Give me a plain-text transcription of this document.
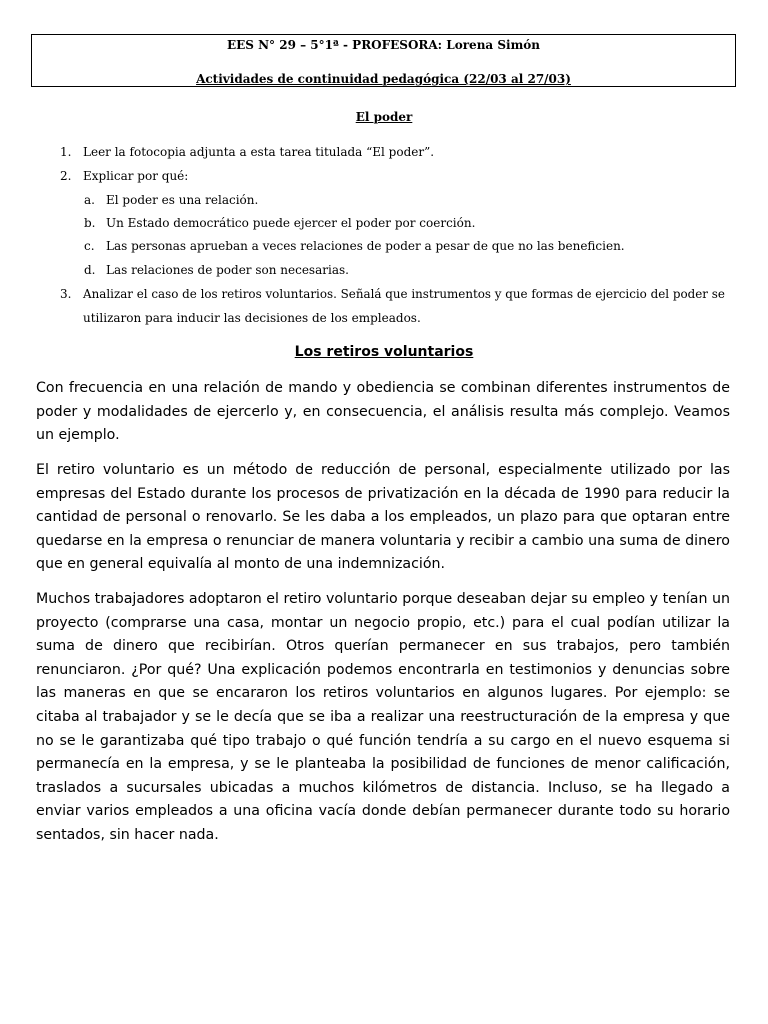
EES N° 29 – 5°1ª - PROFESORA: Lorena Simón
Actividades de continuidad pedagógica (22/03 al 27/03)
El poder
1. Leer la fotocopia adjunta a esta tarea titulada “El poder”.
2. Explicar por qué:
a. El poder es una relación.
b. Un Estado democrático puede ejercer el poder por coerción.
c. Las personas aprueban a veces relaciones de poder a pesar de que no las beneficien.
d. Las relaciones de poder son necesarias.
3. Analizar el caso de los retiros voluntarios. Señalá que instrumentos y que formas de ejercicio del poder se
utilizaron para inducir las decisiones de los empleados.
Los retiros voluntarios
Con frecuencia en una relación de mando y obediencia se combinan diferentes instrumentos de poder y modalidades de ejercerlo y, en consecuencia, el análisis resulta más complejo. Veamos un ejemplo.
El retiro voluntario es un método de reducción de personal, especialmente utilizado por las empresas del Estado durante los procesos de privatización en la década de 1990 para reducir la cantidad de personal o renovarlo. Se les daba a los empleados, un plazo para que optaran entre quedarse en la empresa o renunciar de manera voluntaria y recibir a cambio una suma de dinero que en general equivalía al monto de una indemnización.
Muchos trabajadores adoptaron el retiro voluntario porque deseaban dejar su empleo y tenían un proyecto (comprarse una casa, montar un negocio propio, etc.) para el cual podían utilizar la suma de dinero que recibirían. Otros querían permanecer en sus trabajos, pero también renunciaron. ¿Por qué? Una explicación podemos encontrarla en testimonios y denuncias sobre las maneras en que se encararon los retiros voluntarios en algunos lugares. Por ejemplo: se citaba al trabajador y se le decía que se iba a realizar una reestructuración de la empresa y que no se le garantizaba qué tipo trabajo o qué función tendría a su cargo en el nuevo esquema si permanecía en la empresa, y se le planteaba la posibilidad de funciones de menor calificación, traslados a sucursales ubicadas a muchos kilómetros de distancia. Incluso, se ha llegado a enviar varios empleados a una oficina vacía donde debían permanecer durante todo su horario sentados, sin hacer nada.
